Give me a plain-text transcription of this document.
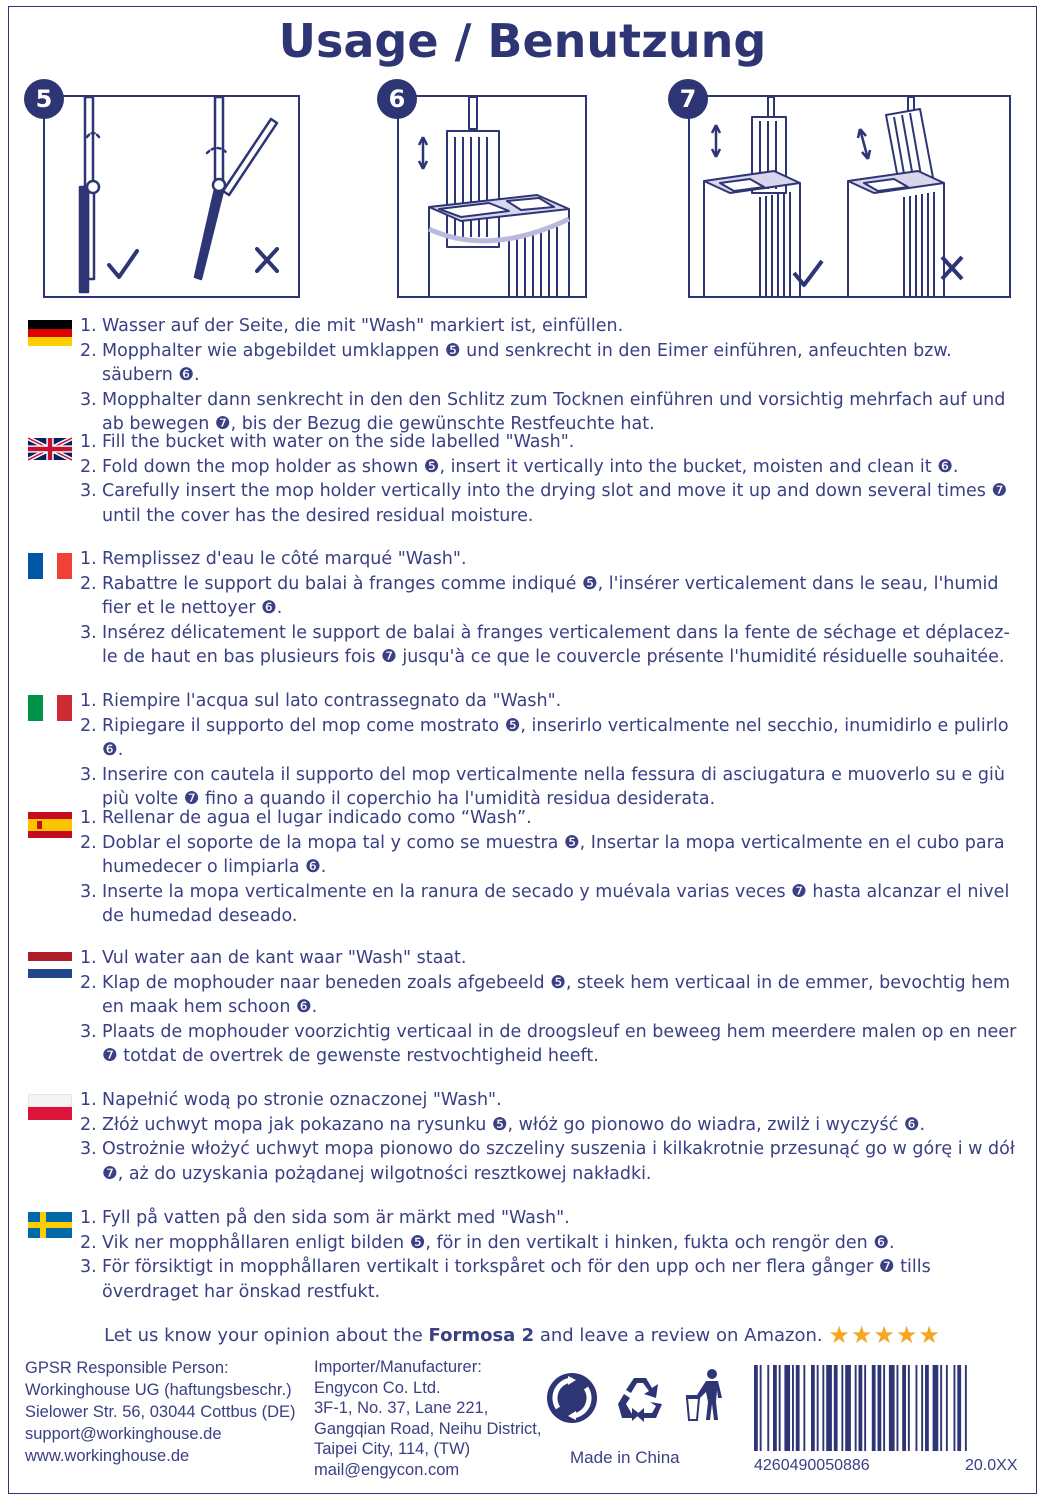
Usage / Benutzung
5	6	7
1. Wasser auf der Seite, die mit "Wash" markiert ist, einfüllen.
2. Mopphalter wie abgebildet umklappen ❺ und senkrecht in den Eimer einführen, anfeuchten bzw. säubern ❻.
3. Mopphalter dann senkrecht in den den Schlitz zum Tocknen einführen und vorsichtig mehrfach auf und ab bewegen ❼, bis der Bezug die gewünschte Restfeuchte hat.
1. Fill the bucket with water on the side labelled "Wash".
2. Fold down the mop holder as shown ❺, insert it vertically into the bucket, moisten and clean it ❻.
3. Carefully insert the mop holder vertically into the drying slot and move it up and down several times ❼ until the cover has the desired residual moisture.
1. Remplissez d'eau le côté marqué "Wash".
2. Rabattre le support du balai à franges comme indiqué ❺, l'insérer verticalement dans le seau, l'humid fier et le nettoyer ❻.
3. Insérez délicatement le support de balai à franges verticalement dans la fente de séchage et déplacez-le de haut en bas plusieurs fois ❼ jusqu'à ce que le couvercle présente l'humidité résiduelle souhaitée.
1. Riempire l'acqua sul lato contrassegnato da "Wash".
2. Ripiegare il supporto del mop come mostrato ❺, inserirlo verticalmente nel secchio, inumidirlo e pulirlo ❻.
3. Inserire con cautela il supporto del mop verticalmente nella fessura di asciugatura e muoverlo su e giù più volte ❼ fino a quando il coperchio ha l'umidità residua desiderata.
1. Rellenar de agua el lugar indicado como “Wash”.
2. Doblar el soporte de la mopa tal y como se muestra ❺, Insertar la mopa verticalmente en el cubo para humedecer o limpiarla ❻.
3. Inserte la mopa verticalmente en la ranura de secado y muévala varias veces ❼ hasta alcanzar el nivel de humedad deseado.
1. Vul water aan de kant waar "Wash" staat.
2. Klap de mophouder naar beneden zoals afgebeeld ❺, steek hem verticaal in de emmer, bevochtig hem en maak hem schoon ❻.
3. Plaats de mophouder voorzichtig verticaal in de droogsleuf en beweeg hem meerdere malen op en neer ❼ totdat de overtrek de gewenste restvochtigheid heeft.
1. Napełnić wodą po stronie oznaczonej "Wash".
2. Złóż uchwyt mopa jak pokazano na rysunku ❺, włóż go pionowo do wiadra, zwilż i wyczyść ❻.
3. Ostrożnie włożyć uchwyt mopa pionowo do szczeliny suszenia i kilkakrotnie przesunąć go w górę i w dół ❼, aż do uzyskania pożądanej wilgotności resztkowej nakładki.
1. Fyll på vatten på den sida som är märkt med "Wash".
2. Vik ner mopphållaren enligt bilden ❺, för in den vertikalt i hinken, fukta och rengör den ❻.
3. För försiktigt in mopphållaren vertikalt i torkspåret och för den upp och ner flera gånger ❼ tills överdraget har önskad restfukt.
Let us know your opinion about the Formosa 2 and leave a review on Amazon. ★★★★★
GPSR Responsible Person:
Workinghouse UG (haftungsbeschr.)
Sielower Str. 56, 03044 Cottbus (DE)
support@workinghouse.de
www.workinghouse.de
Importer/Manufacturer:
Engycon Co. Ltd.
3F-1, No. 37, Lane 221,
Gangqian Road, Neihu District,
Taipei City, 114, (TW)
mail@engycon.com
Made in China	4260490050886	20.0XX
